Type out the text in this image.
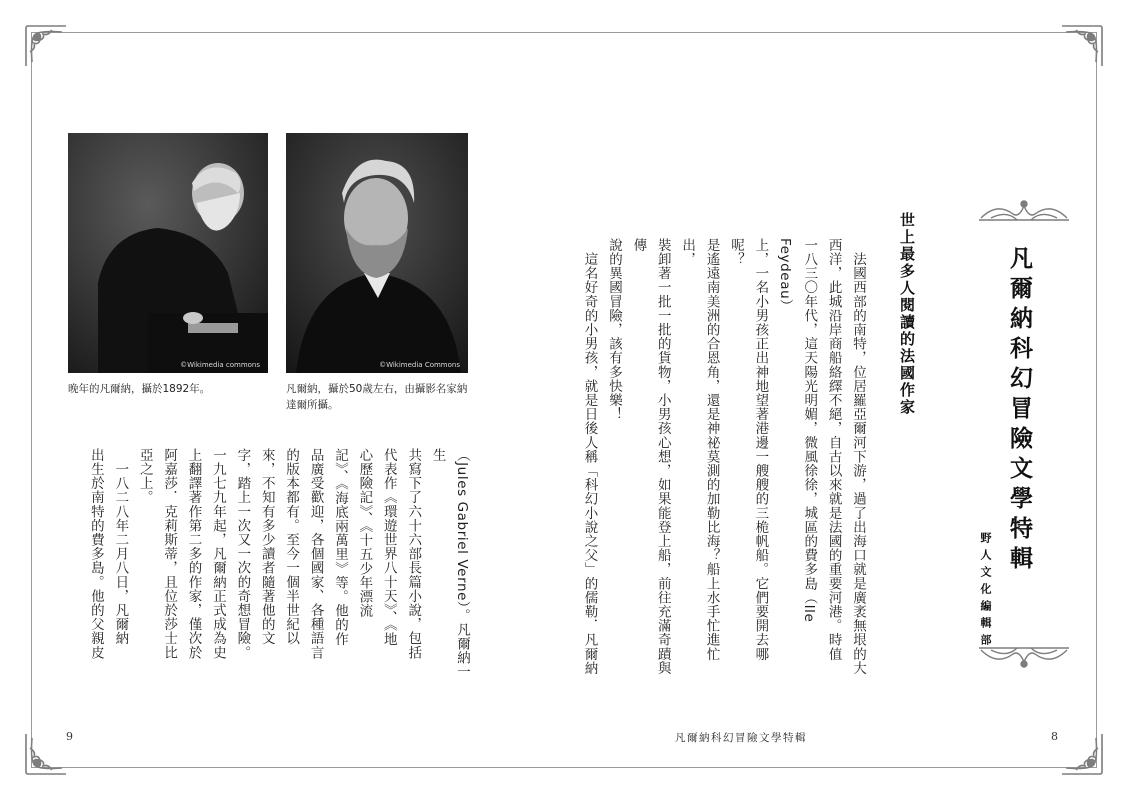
©Wikimedia commons
晚年的凡爾納，攝於1892年。
©Wikimedia Commons
凡爾納，攝於50歲左右，由攝影名家納達爾所攝。
（Jules Gabriel Verne）。凡爾納一生
共寫下了六十六部長篇小說，包括
代表作《環遊世界八十天》、《地
心歷險記》、《十五少年漂流
記》、《海底兩萬里》等。他的作
品廣受歡迎，各個國家、各種語言
的版本都有。至今一個半世紀以
來，不知有多少讀者隨著他的文
字，踏上一次又一次的奇想冒險。
一九七九年起，凡爾納正式成為史
上翻譯著作第二多的作家，僅次於
阿嘉莎．克莉斯蒂，且位於莎士比
亞之上。
　一八二八年二月八日，凡爾納
出生於南特的費多島。他的父親皮	　法國西部的南特，位居羅亞爾河下游，過了出海口就是廣袤無垠的大
西洋，此城沿岸商船絡繹不絕，自古以來就是法國的重要河港。時值
一八三〇年代，這天陽光明媚，微風徐徐，城區的費多島（Ile Feydeau）
上，一名小男孩正出神地望著港邊一艘艘的三桅帆船。它們要開去哪呢？
是遙遠南美洲的合恩角，還是神祕莫測的加勒比海？船上水手忙進忙出，
裝卸著一批一批的貨物，小男孩心想，如果能登上船，前往充滿奇蹟與傳
說的異國冒險，該有多快樂！
　這名好奇的小男孩，就是日後人稱「科幻小說之父」的儒勒．凡爾納	世上最多人閱讀的法國作家	凡爾納科幻冒險文學特輯
野人文化編輯部
9	凡爾納科幻冒險文學特輯	8
